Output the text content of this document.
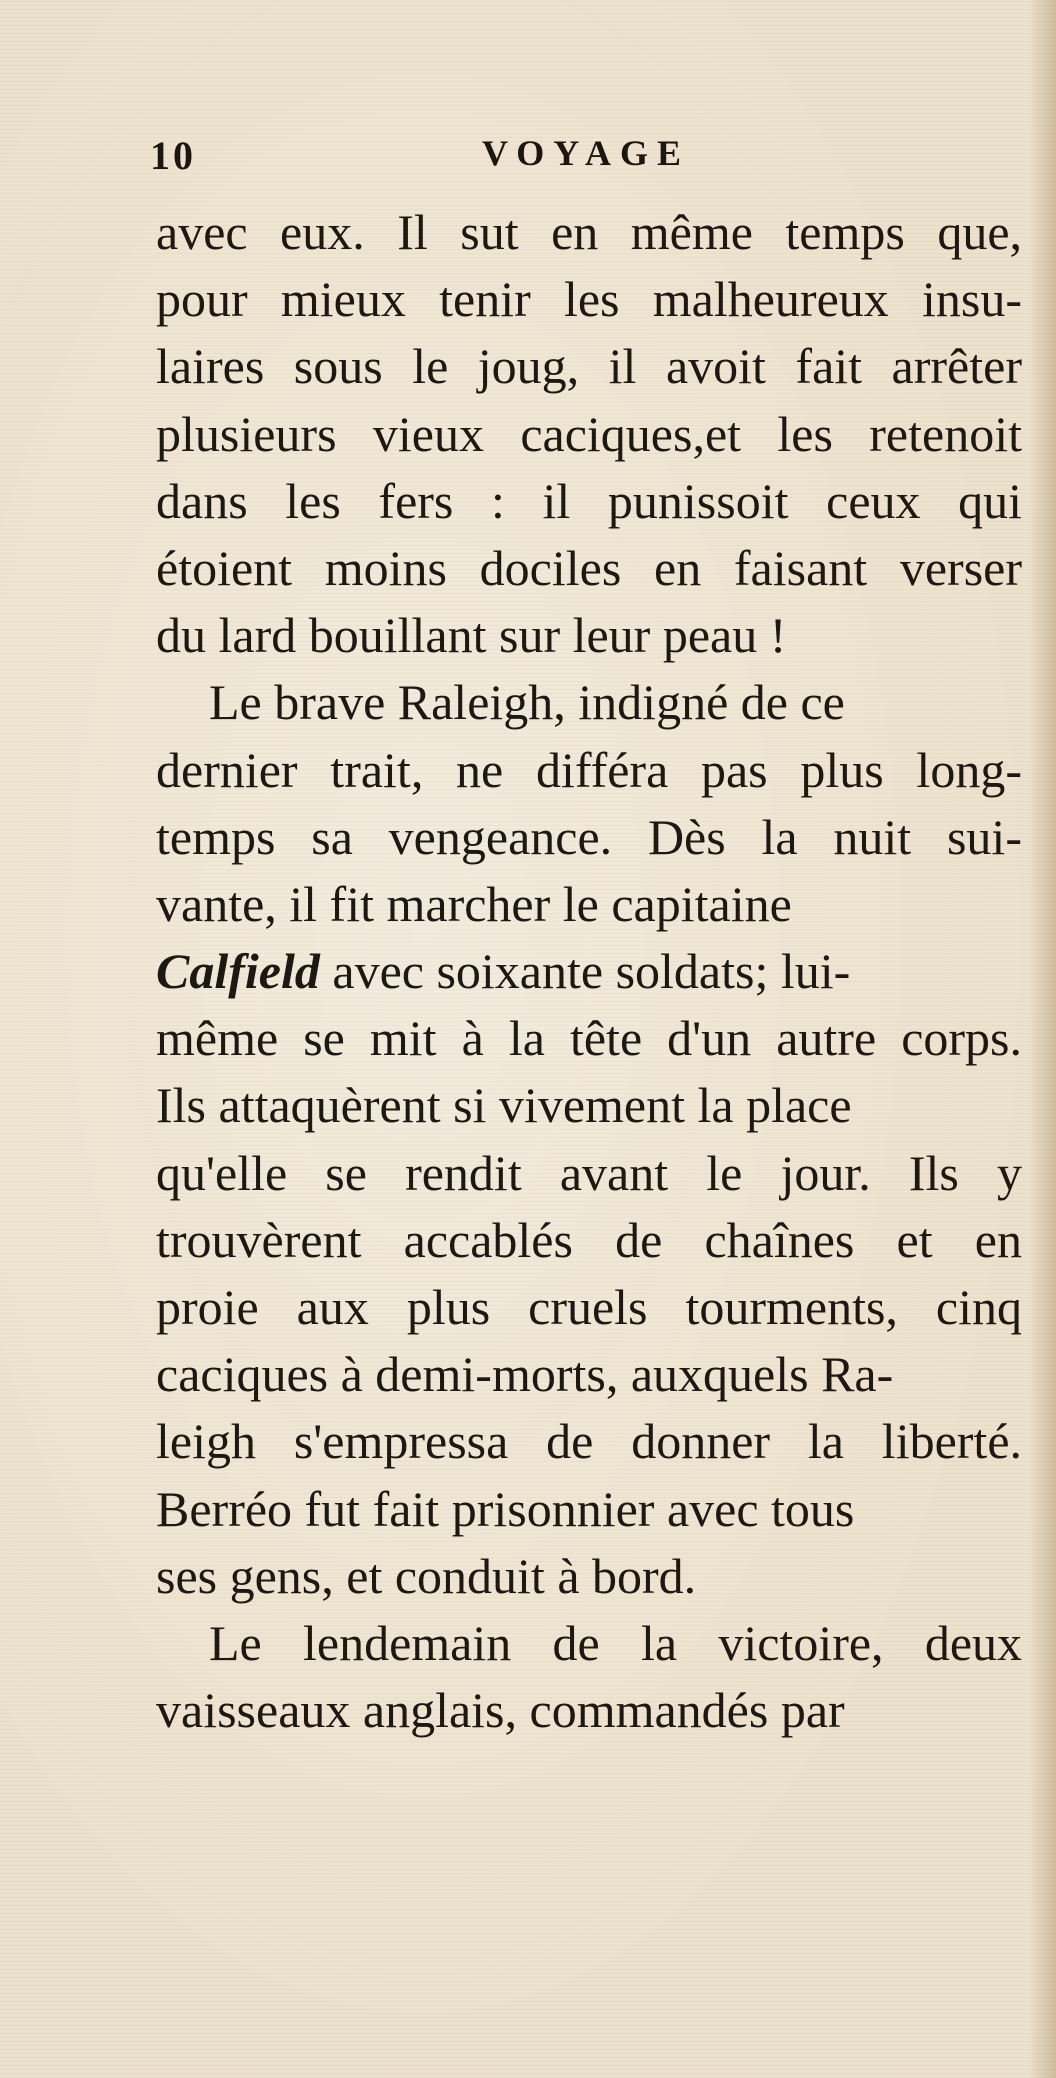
10	VOYAGE
avec eux. Il sut en même temps que,
pour mieux tenir les malheureux insu-
laires sous le joug, il avoit fait arrêter
plusieurs vieux caciques,et les retenoit
dans les fers : il punissoit ceux qui
étoient moins dociles en faisant verser
du lard bouillant sur leur peau !
Le brave Raleigh, indigné de ce
dernier trait, ne différa pas plus long-
temps sa vengeance. Dès la nuit sui-
vante, il fit marcher le capitaine
Calfield avec soixante soldats; lui-
même se mit à la tête d'un autre corps.
Ils attaquèrent si vivement la place
qu'elle se rendit avant le jour. Ils y
trouvèrent accablés de chaînes et en
proie aux plus cruels tourments, cinq
caciques à demi-morts, auxquels Ra-
leigh s'empressa de donner la liberté.
Berréo fut fait prisonnier avec tous
ses gens, et conduit à bord.
Le lendemain de la victoire, deux
vaisseaux anglais, commandés par
